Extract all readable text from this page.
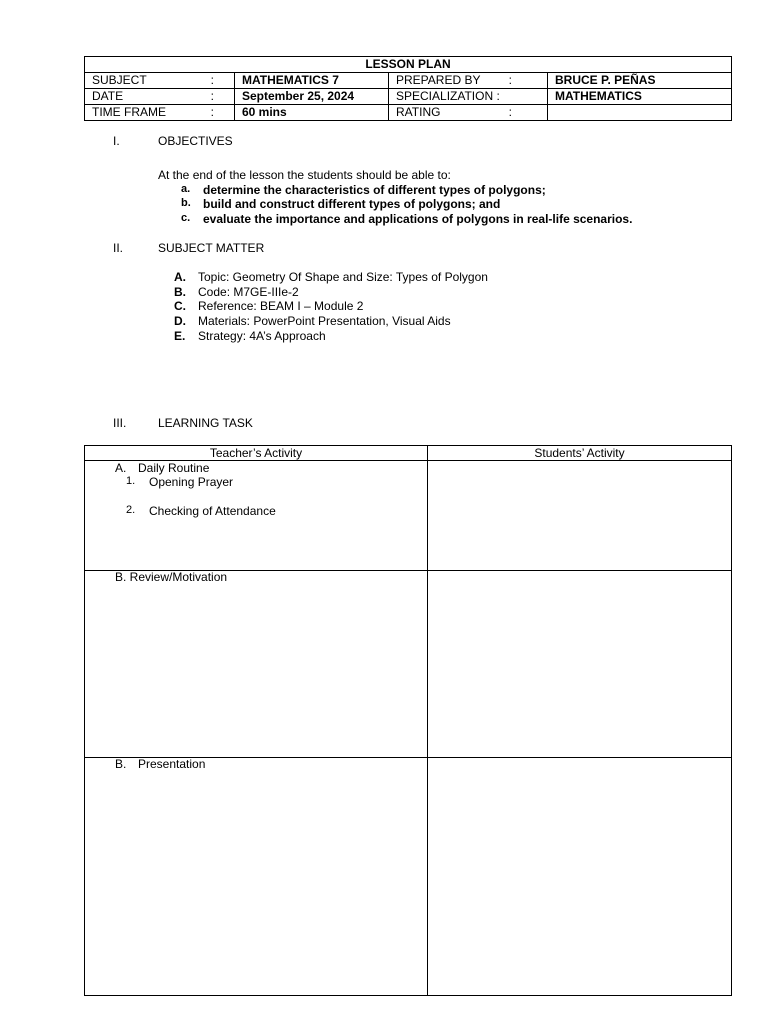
LESSON PLAN			

SUBJECT :	MATHEMATICS 7	PREPARED BY :	BRUCE P. PEÑAS

DATE :	September 25, 2024	SPECIALIZATION :	MATHEMATICS

TIME FRAME :	60 mins	RATING :	

I.	OBJECTIVES
At the end of the lesson the students should be able to:
a.	determine the characteristics of different types of polygons;
b.	build and construct different types of polygons; and
c.	evaluate the importance and applications of polygons in real-life scenarios.
II.	SUBJECT MATTER
A.	Topic: Geometry Of Shape and Size: Types of Polygon
B.	Code: M7GE-IIIe-2
C.	Reference: BEAM I – Module 2
D.	Materials: PowerPoint Presentation, Visual Aids
E.	Strategy: 4A’s Approach
III.	LEARNING TASK
Teacher’s Activity	Students’ Activity
A. Daily Routine
1. Opening Prayer
2. Checking of Attendance
B. Review/Motivation
B. Presentation
